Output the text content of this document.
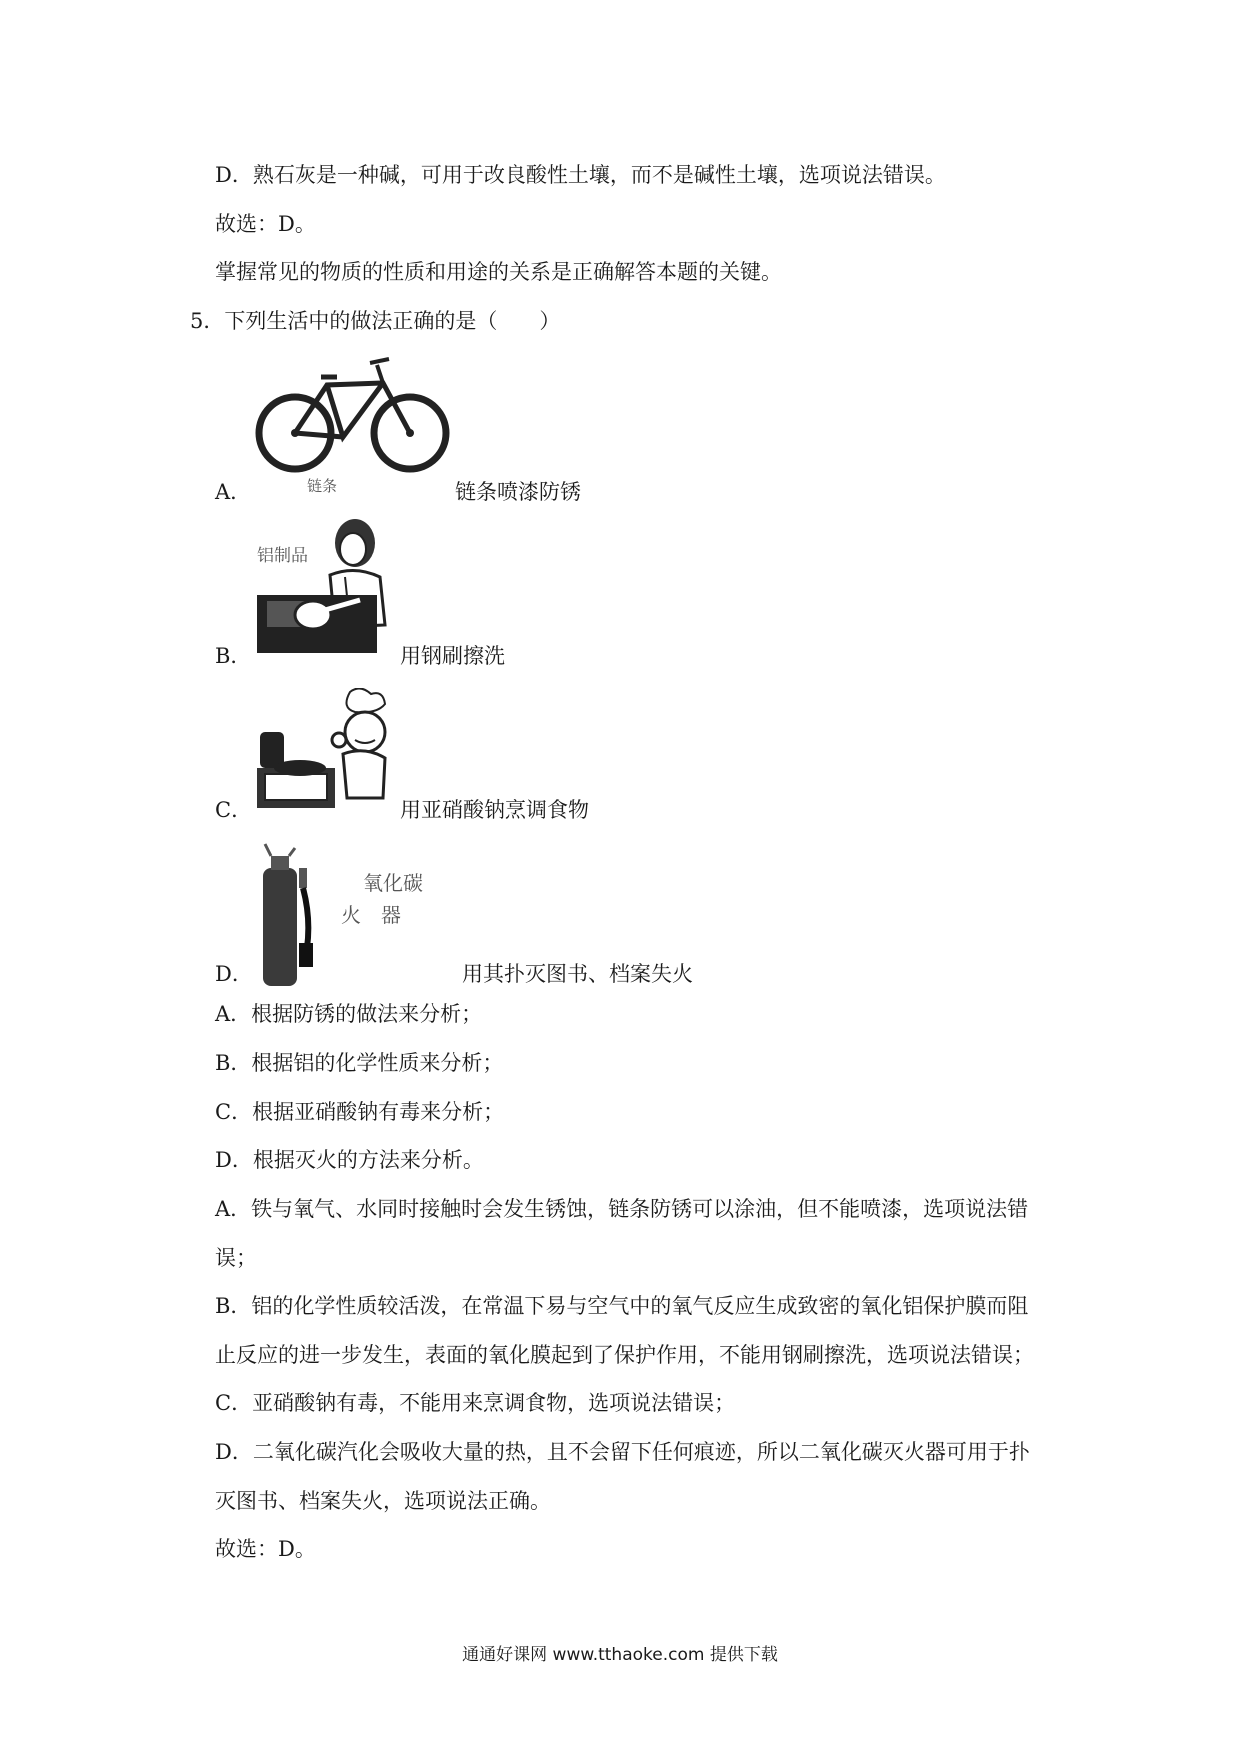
D．熟石灰是一种碱，可用于改良酸性土壤，而不是碱性土壤，选项说法错误。
故选：D。
掌握常见的物质的性质和用途的关系是正确解答本题的关键。
5．下列生活中的做法正确的是（　　）
链条
A．	链条喷漆防锈
铝制品
B．	用钢刷擦洗
C．	用亚硝酸钠烹调食物
氧化碳
火　器
D．	用其扑灭图书、档案失火
A．根据防锈的做法来分析；
B．根据铝的化学性质来分析；
C．根据亚硝酸钠有毒来分析；
D．根据灭火的方法来分析。
A．铁与氧气、水同时接触时会发生锈蚀，链条防锈可以涂油，但不能喷漆，选项说法错
误；
B．铝的化学性质较活泼，在常温下易与空气中的氧气反应生成致密的氧化铝保护膜而阻
止反应的进一步发生，表面的氧化膜起到了保护作用，不能用钢刷擦洗，选项说法错误；
C．亚硝酸钠有毒，不能用来烹调食物，选项说法错误；
D．二氧化碳汽化会吸收大量的热，且不会留下任何痕迹，所以二氧化碳灭火器可用于扑
灭图书、档案失火，选项说法正确。
故选：D。
通通好课网 www.tthaoke.com 提供下载
